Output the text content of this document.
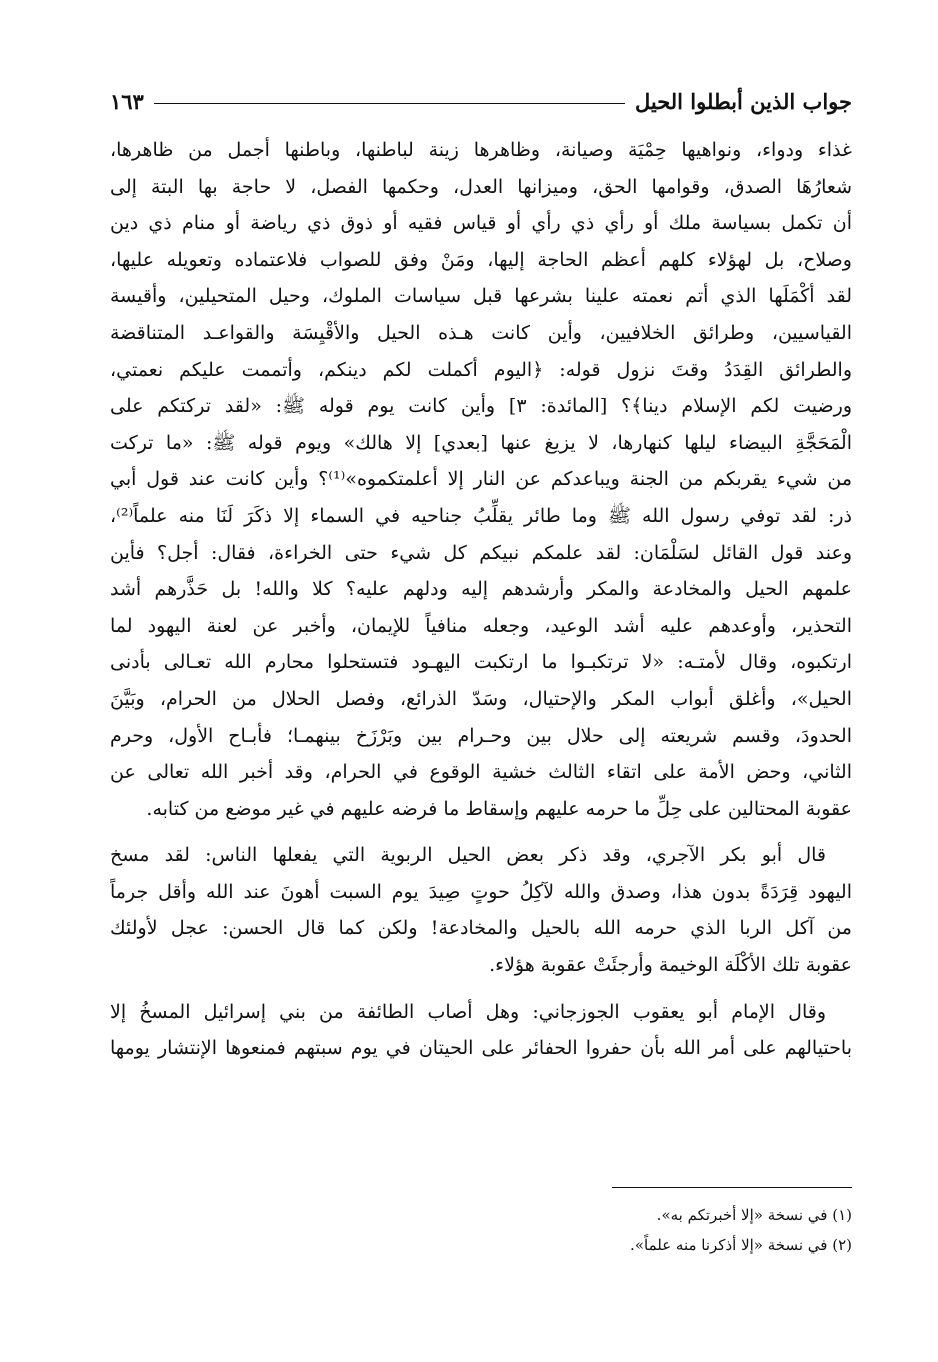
جواب الذين أبطلوا الحيل
١٦٣
غذاء ودواء، ونواهيها حِمْيَة وصيانة، وظاهرها زينة لباطنها، وباطنها أجمل من ظاهرها،
شعارُهَا الصدق، وقوامها الحق، وميزانها العدل، وحكمها الفصل، لا حاجة بها البتة إلى
أن تكمل بسياسة ملك أو رأي ذي رأي أو قياس فقيه أو ذوق ذي رياضة أو منام ذي دين
وصلاح، بل لهؤلاء كلهم أعظم الحاجة إليها، ومَنْ وفق للصواب فلاعتماده وتعويله عليها،
لقد أكْمَلَها الذي أتم نعمته علينا بشرعها قبل سياسات الملوك، وحيل المتحيلين، وأقيسة
القياسيين، وطرائق الخلافيين، وأين كانت هـذه الحيل والأقْيِسَة والقواعـد المتناقضة
والطرائق القِدَدُ وقتَ نزول قوله: ﴿اليوم أكملت لكم دينكم، وأتممت عليكم نعمتي،
ورضيت لكم الإسلام دينا﴾؟ [المائدة: ٣] وأين كانت يوم قوله ﷺ: «لقد تركتكم على
الْمَحَجَّةِ البيضاء ليلها كنهارها، لا يزيغ عنها [بعدي] إلا هالك» ويوم قوله ﷺ: «ما تركت
من شيء يقربكم من الجنة ويباعدكم عن النار إلا أعلمتكموه»⁽¹⁾؟ وأين كانت عند قول أبي
ذر: لقد توفي رسول الله ﷺ وما طائر يقلِّبُ جناحيه في السماء إلا ذكَرَ لَنَا منه علماً⁽²⁾،
وعند قول القائل لسَلْمَان: لقد علمكم نبيكم كل شيء حتى الخراءة، فقال: أجل؟ فأين
علمهم الحيل والمخادعة والمكر وأرشدهم إليه ودلهم عليه؟ كلا والله! بل حَذَّرهم أشد
التحذير، وأوعدهم عليه أشد الوعيد، وجعله منافياً للإيمان، وأخبر عن لعنة اليهود لما
ارتكبوه، وقال لأمتـه: «لا ترتكبـوا ما ارتكبت اليهـود فتستحلوا محارم الله تعـالى بأدنى
الحيل»، وأغلق أبواب المكر والإحتيال، وسَدّ الذرائع، وفصل الحلال من الحرام، وبَيَّنَ
الحدودَ، وقسم شريعته إلى حلال بين وحـرام بين وبَرْزَخ بينهمـا؛ فأبـاح الأول، وحرم
الثاني، وحض الأمة على اتقاء الثالث خشية الوقوع في الحرام، وقد أخبر الله تعالى عن
عقوبة المحتالين على حِلِّ ما حرمه عليهم وإسقاط ما فرضه عليهم في غير موضع من كتابه.
قال أبو بكر الآجري، وقد ذكر بعض الحيل الربوية التي يفعلها الناس: لقد مسخ
اليهود قِرَدَةً بدون هذا، وصدق والله لآكِلُ حوتٍ صِيدَ يوم السبت أهونَ عند الله وأقل جرماً
من آكل الربا الذي حرمه الله بالحيل والمخادعة! ولكن كما قال الحسن: عجل لأولئك
عقوبة تلك الأكْلَة الوخيمة وأرجئَتْ عقوبة هؤلاء.
وقال الإمام أبو يعقوب الجوزجاني: وهل أصاب الطائفة من بني إسرائيل المسخُ إلا
باحتيالهم على أمر الله بأن حفروا الحفائر على الحيتان في يوم سبتهم فمنعوها الإنتشار يومها
(١) في نسخة «إلا أخبرتكم به».
(٢) في نسخة «إلا أذكرنا منه علماً».
